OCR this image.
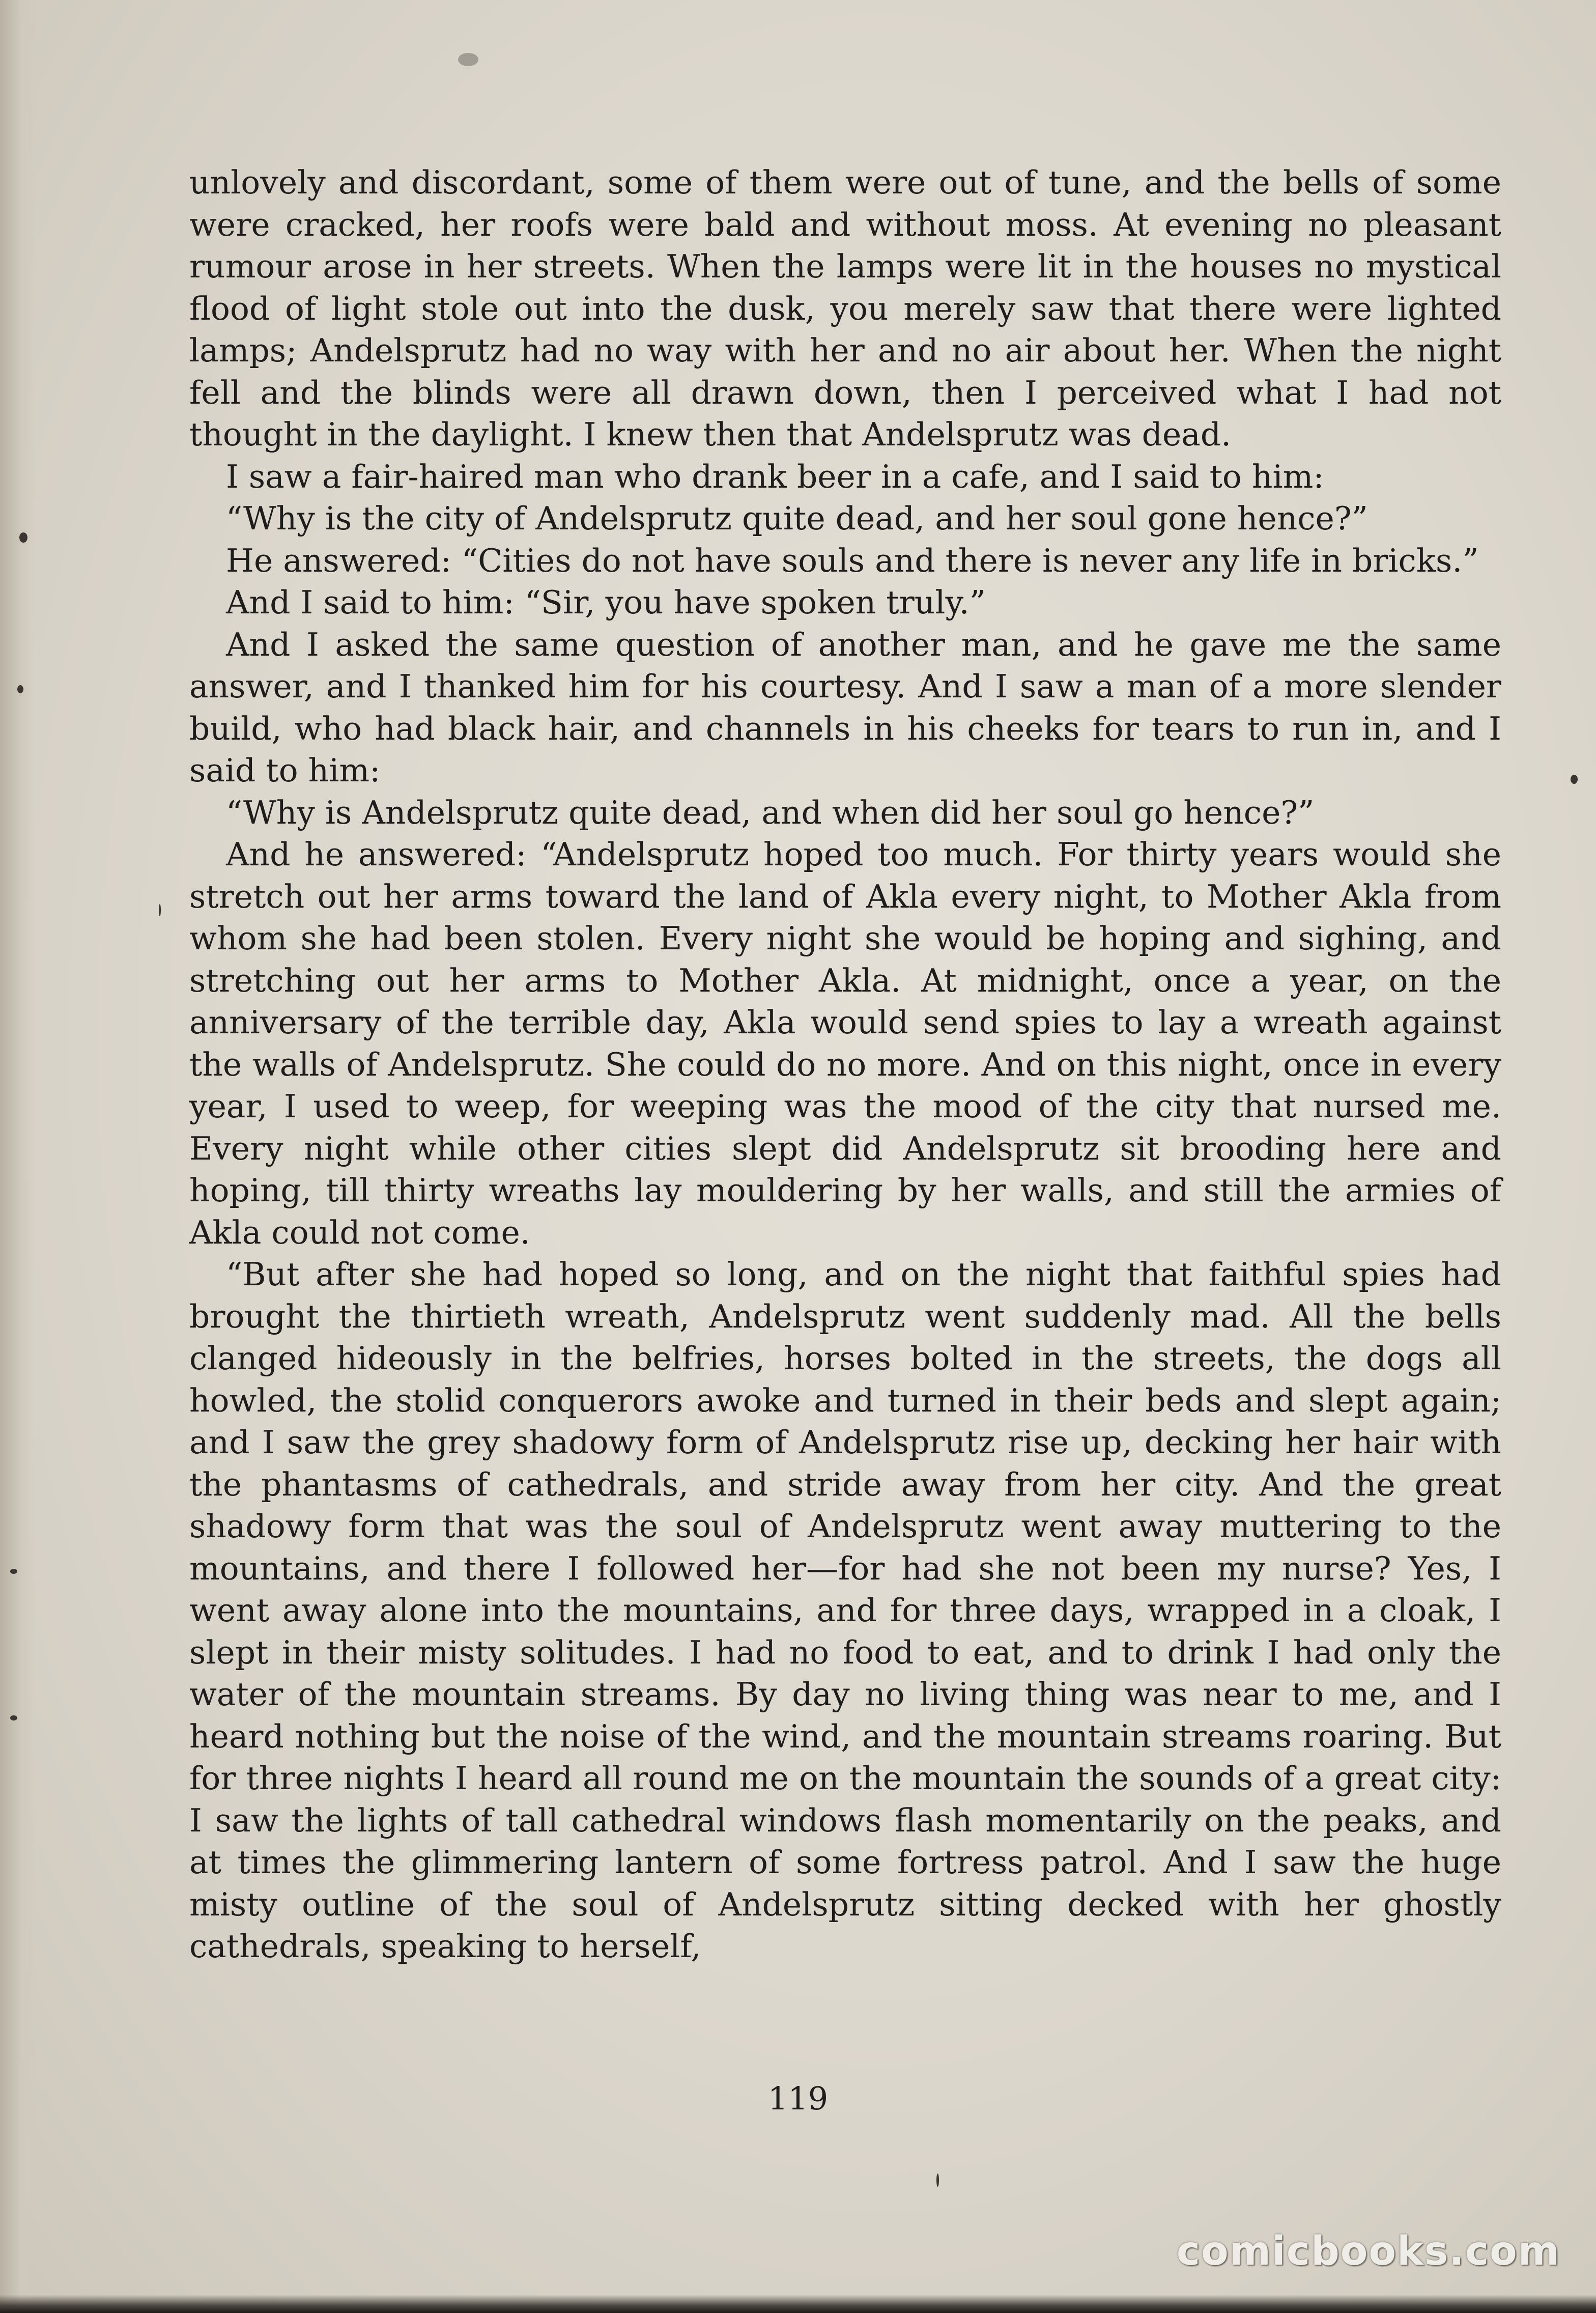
unlovely and discordant, some of them were out of tune, and the bells of some were cracked, her roofs were bald and without moss. At evening no pleasant rumour arose in her streets. When the lamps were lit in the houses no mystical flood of light stole out into the dusk, you merely saw that there were lighted lamps; Andelsprutz had no way with her and no air about her. When the night fell and the blinds were all drawn down, then I perceived what I had not thought in the daylight. I knew then that Andelsprutz was dead.

I saw a fair-haired man who drank beer in a cafe, and I said to him:

“Why is the city of Andelsprutz quite dead, and her soul gone hence?”

He answered: “Cities do not have souls and there is never any life in bricks.”

And I said to him: “Sir, you have spoken truly.”

And I asked the same question of another man, and he gave me the same answer, and I thanked him for his courtesy. And I saw a man of a more slender build, who had black hair, and channels in his cheeks for tears to run in, and I said to him:

“Why is Andelsprutz quite dead, and when did her soul go hence?”

And he answered: “Andelsprutz hoped too much. For thirty years would she stretch out her arms toward the land of Akla every night, to Mother Akla from whom she had been stolen. Every night she would be hoping and sighing, and stretching out her arms to Mother Akla. At midnight, once a year, on the anniversary of the terrible day, Akla would send spies to lay a wreath against the walls of Andelsprutz. She could do no more. And on this night, once in every year, I used to weep, for weeping was the mood of the city that nursed me. Every night while other cities slept did Andelsprutz sit brooding here and hoping, till thirty wreaths lay mouldering by her walls, and still the armies of Akla could not come.

“But after she had hoped so long, and on the night that faithful spies had brought the thirtieth wreath, Andelsprutz went suddenly mad. All the bells clanged hideously in the belfries, horses bolted in the streets, the dogs all howled, the stolid conquerors awoke and turned in their beds and slept again; and I saw the grey shadowy form of Andelsprutz rise up, decking her hair with the phantasms of cathedrals, and stride away from her city. And the great shadowy form that was the soul of Andelsprutz went away muttering to the mountains, and there I followed her—for had she not been my nurse? Yes, I went away alone into the mountains, and for three days, wrapped in a cloak, I slept in their misty solitudes. I had no food to eat, and to drink I had only the water of the mountain streams. By day no living thing was near to me, and I heard nothing but the noise of the wind, and the mountain streams roaring. But for three nights I heard all round me on the mountain the sounds of a great city: I saw the lights of tall cathedral windows flash momentarily on the peaks, and at times the glimmering lantern of some fortress patrol. And I saw the huge misty outline of the soul of Andelsprutz sitting decked with her ghostly cathedrals, speaking to herself,

119
comicbooks.com
